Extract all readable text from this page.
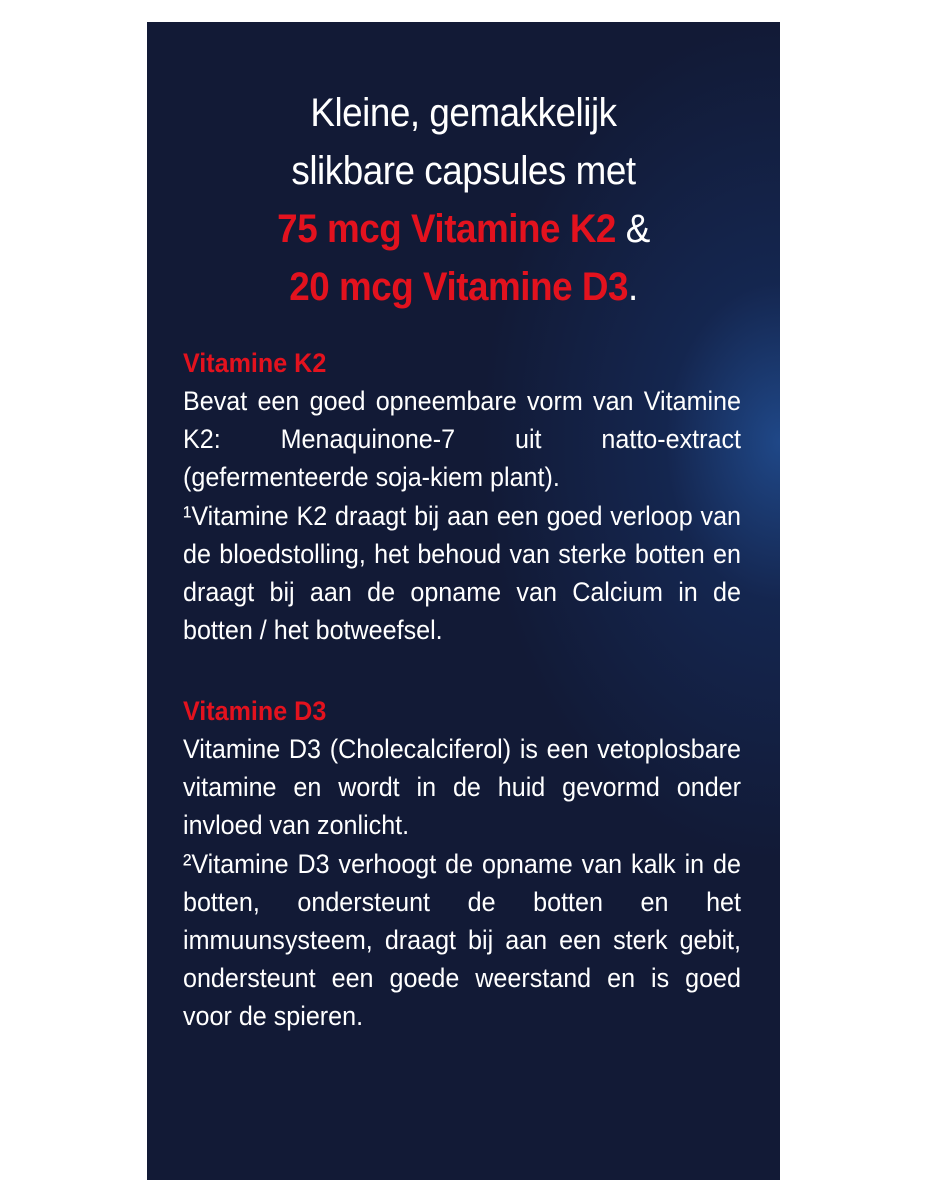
Kleine, gemakkelijk
slikbare capsules met
75 mcg Vitamine K2 &
20 mcg Vitamine D3.
Vitamine K2

Bevat een goed opneembare vorm van Vitamine K2: Menaquinone-7 uit natto-extract (gefermenteerde soja-kiem plant).

¹Vitamine K2 draagt bij aan een goed verloop van de bloedstolling, het behoud van sterke botten en draagt bij aan de opname van Calcium in de botten / het botweefsel.

Vitamine D3

Vitamine D3 (Cholecalciferol) is een vetoplosbare vitamine en wordt in de huid gevormd onder invloed van zonlicht.

²Vitamine D3 verhoogt de opname van kalk in de botten, ondersteunt de botten en het immuunsysteem, draagt bij aan een sterk gebit, ondersteunt een goede weerstand en is goed voor de spieren.
